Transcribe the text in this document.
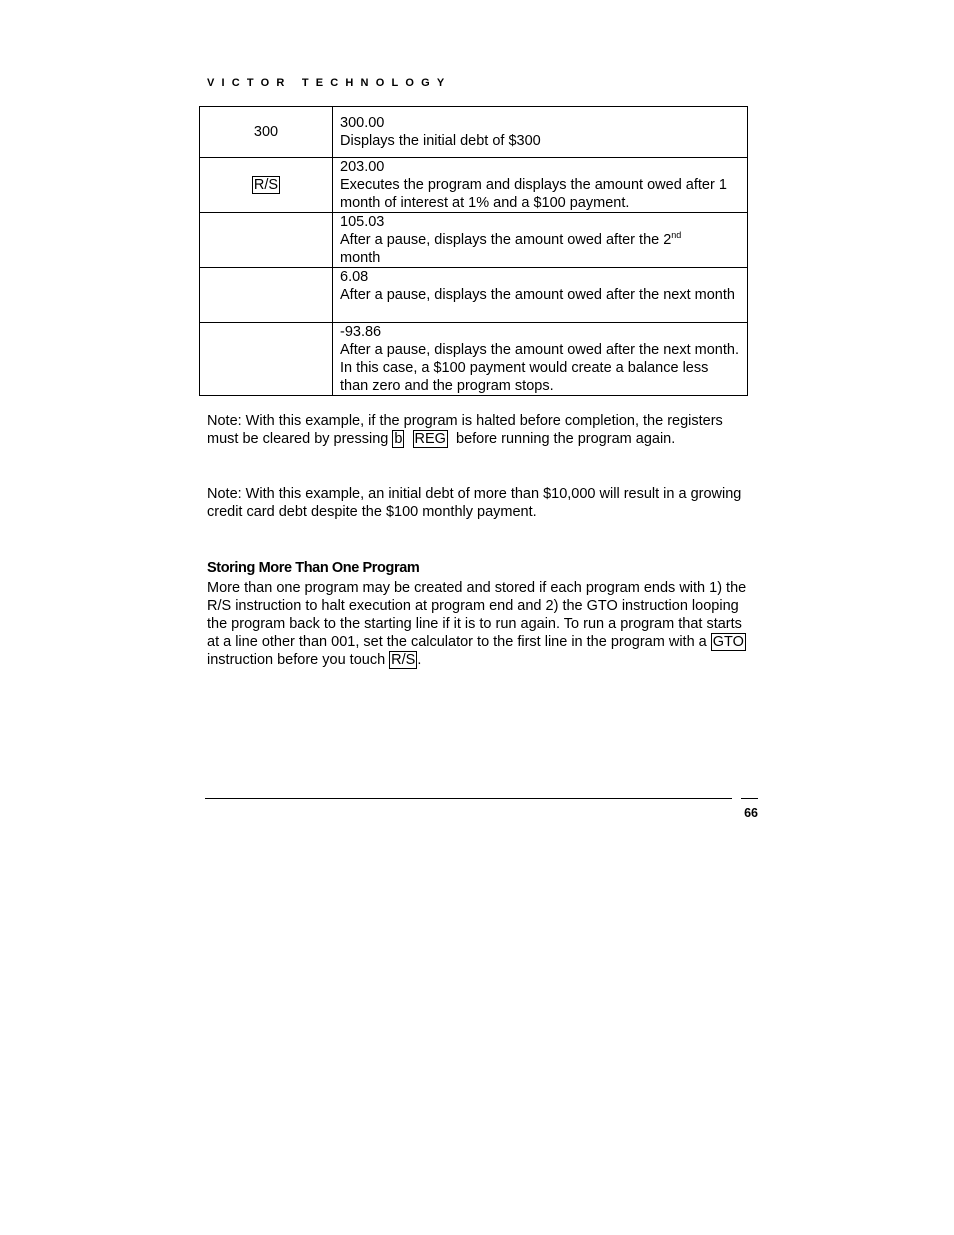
VICTOR TECHNOLOGY
300	300.00
Displays the initial debt of $300

R/S	203.00
Executes the program and displays the amount owed after 1 month of interest at 1% and a $100 payment.

	105.03
After a pause, displays the amount owed after the 2nd
month

	6.08
After a pause, displays the amount owed after the next month

	-93.86
After a pause, displays the amount owed after the next month. In this case, a $100 payment would create a balance less than zero and the program stops.
Note: With this example, if the program is halted before completion, the registers must be cleared by pressing b REG before running the program again.
Note: With this example, an initial debt of more than $10,000 will result in a growing credit card debt despite the $100 monthly payment.
Storing More Than One Program
More than one program may be created and stored if each program ends with 1) the R/S instruction to halt execution at program end and 2) the GTO instruction looping the program back to the starting line if it is to run again. To run a program that starts at a line other than 001, set the calculator to the first line in the program with a GTO instruction before you touch R/S .
66
